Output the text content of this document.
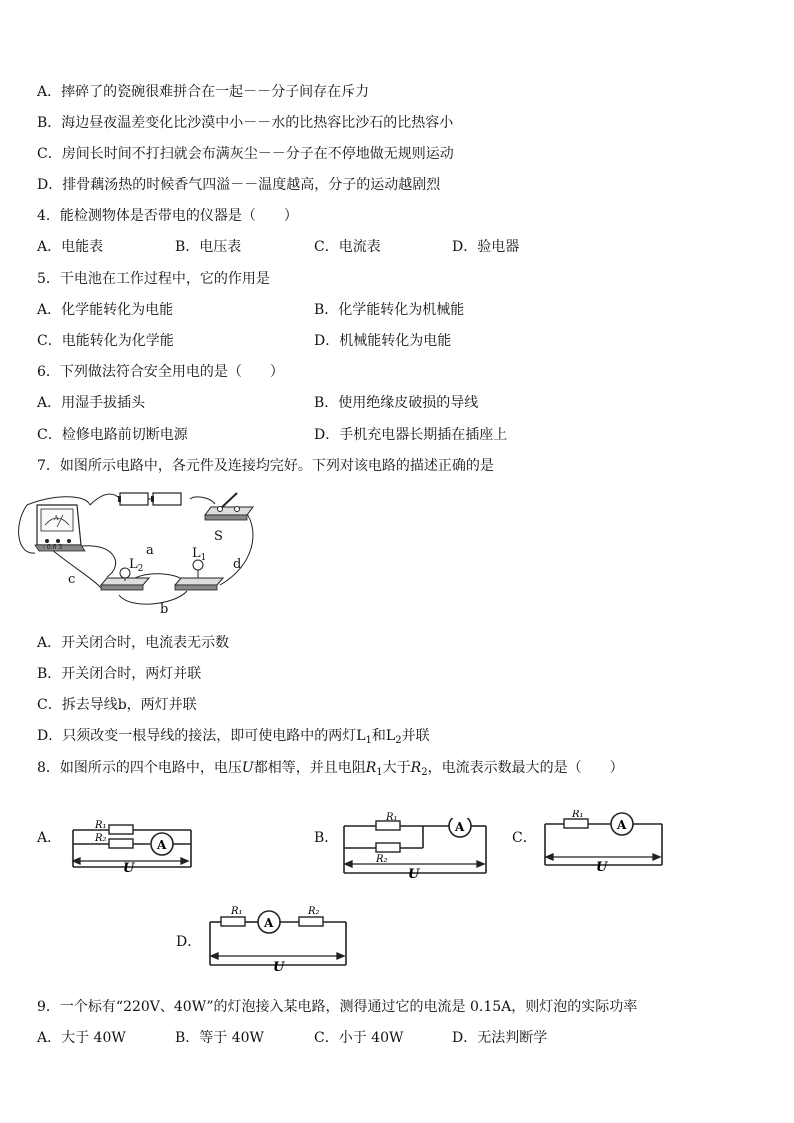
A．摔碎了的瓷碗很难拼合在一起－－分子间存在斥力
B．海边昼夜温差变化比沙漠中小－－水的比热容比沙石的比热容小
C．房间长时间不打扫就会布满灰尘－－分子在不停地做无规则运动
D．排骨藕汤热的时候香气四溢－－温度越高，分子的运动越剧烈
4．能检测物体是否带电的仪器是（　　）
A．电能表	B．电压表	C．电流表	D．验电器
5．干电池在工作过程中，它的作用是
A．化学能转化为电能	B．化学能转化为机械能
C．电能转化为化学能	D．机械能转化为电能
6．下列做法符合安全用电的是（　　）
A．用湿手拔插头	B．使用绝缘皮破损的导线
C．检修电路前切断电源	D．手机充电器长期插在插座上
7．如图所示电路中，各元件及连接均完好。下列对该电路的描述正确的是
S
A
- 0.6 3
$L_2$
$L_1$
a
b
c
d
A．开关闭合时，电流表无示数
B．开关闭合时，两灯并联
C．拆去导线b，两灯并联
D．只须改变一根导线的接法，即可使电路中的两灯$L_1$和$L_2$并联
8．如图所示的四个电路中，电压U都相等，并且电阻$R_1$大于$R_2$，电流表示数最大的是（　　）
A．	B．	C．
D．
A
R₁
R₂
U
A
R₂
U
R₁
A
R₁
U
A
R₁	R₂
U
9．一个标有“220V、40W”的灯泡接入某电路，测得通过它的电流是 0.15A，则灯泡的实际功率
A．大于 40W	B．等于 40W	C．小于 40W	D．无法判断学
